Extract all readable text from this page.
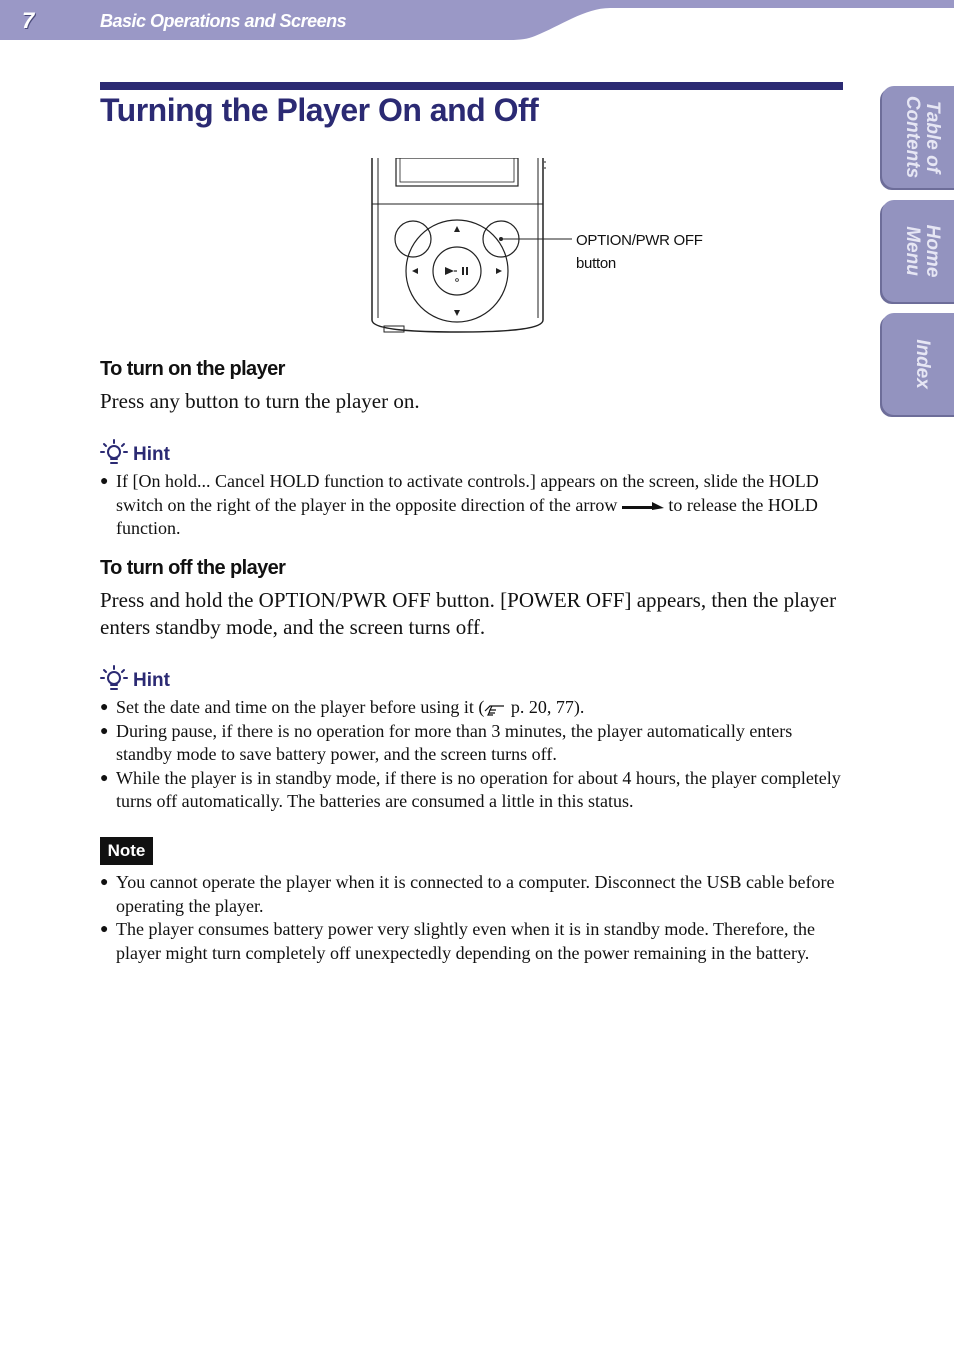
7	Basic Operations and Screens
Table of
Contents
Home
Menu
Index
Turning the Player On and Off
OPTION/PWR OFF
button
To turn on the player

Press any button to turn the player on.

Hint
● If [On hold... Cancel HOLD function to activate controls.] appears on the screen, slide the HOLD switch on the right of the player in the opposite direction of the arrow  to release the HOLD function.
To turn off the player

Press and hold the OPTION/PWR OFF button. [POWER OFF] appears, then the player enters standby mode, and the screen turns off.

Hint
● Set the date and time on the player before using it ( p. 20, 77).
● During pause, if there is no operation for more than 3 minutes, the player automatically enters standby mode to save battery power, and the screen turns off.
● While the player is in standby mode, if there is no operation for about 4 hours, the player completely turns off automatically. The batteries are consumed a little in this status.
Note
● You cannot operate the player when it is connected to a computer. Disconnect the USB cable before operating the player.
● The player consumes battery power very slightly even when it is in standby mode. Therefore, the player might turn completely off unexpectedly depending on the power remaining in the battery.
